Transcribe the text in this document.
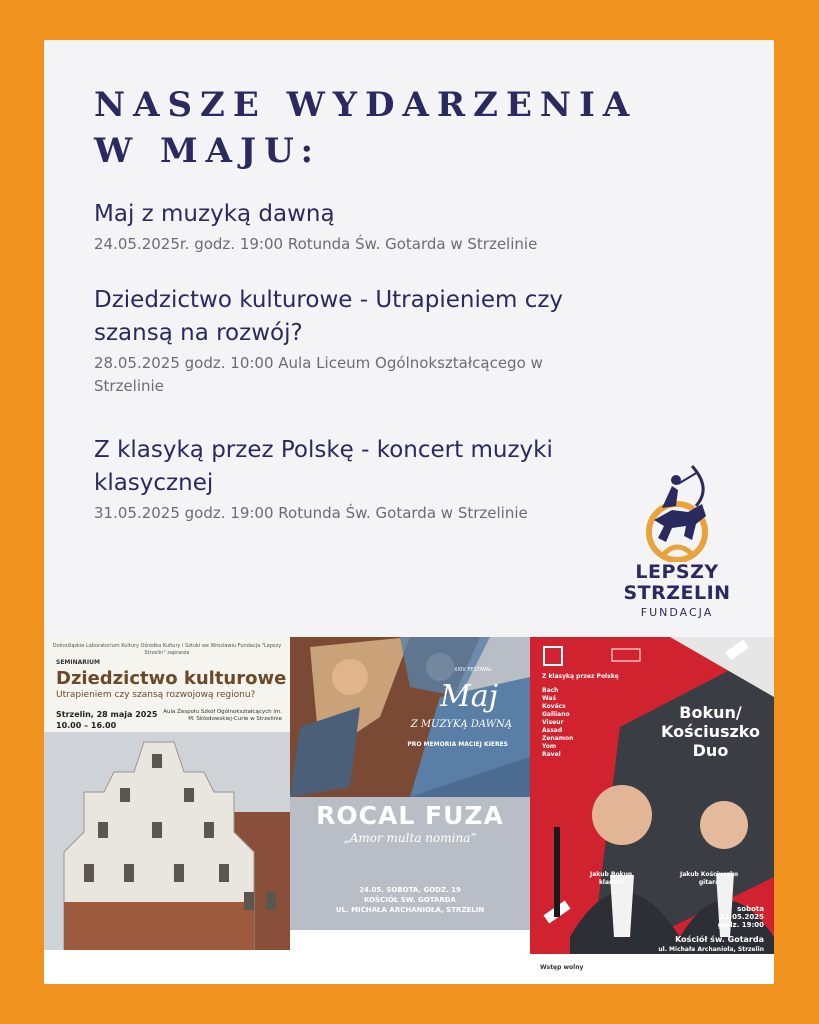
NASZE WYDARZENIA
W MAJU:
Maj z muzyką dawną
24.05.2025r. godz. 19:00 Rotunda Św. Gotarda w Strzelinie
Dziedzictwo kulturowe - Utrapieniem czy szansą na rozwój?
28.05.2025 godz. 10:00 Aula Liceum Ogólnokształcącego w Strzelinie
Z klasyką przez Polskę - koncert muzyki klasycznej
31.05.2025 godz. 19:00 Rotunda Św. Gotarda w Strzelinie
LEPSZY
STRZELIN
FUNDACJA
Dolnośląskie Laboratorium Kultury Ośrodka Kultury i Sztuki we Wrocławiu Fundacja "Lepszy Strzelin" zaprasza
SEMINARIUM
Dziedzictwo kulturowe
Utrapieniem czy szansą rozwojową regionu?
Strzelin, 28 maja 2025
10.00 – 16.00
Aula Zespołu Szkół Ogólnokształcących im. M. Skłodowskiej-Curie w Strzelinie
XXIV FESTIWAL
Maj
Z MUZYKĄ DAWNĄ
PRO MEMORIA MACIEJ KIERES
ROCAL FUZA
„Amor multa nomina”
24.05. SOBOTA, GODZ. 19
KOŚCIÓŁ ŚW. GOTARDA
UL. MICHAŁA ARCHANIOŁA, STRZELIN
Z klasyką przez Polskę
Bach
Waś
Kovács
Galliano
Viseur
Assad
Zenamon
Yom
Ravel
Bokun/
Kościuszko
Duo
Jakub Bokun
klarnet
Jakub Kościuszko
gitara
sobota
31.05.2025
godz. 19:00
Kościół św. Gotarda
ul. Michała Archanioła, Strzelin
Wstęp wolny
